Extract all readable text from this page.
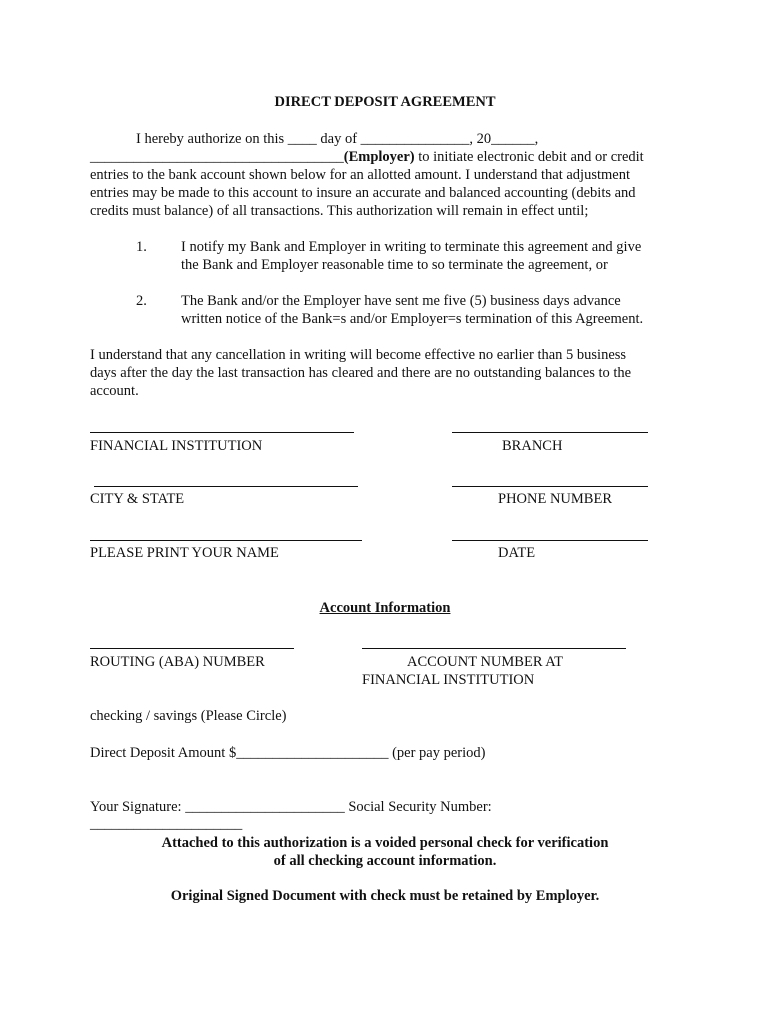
DIRECT DEPOSIT AGREEMENT
I hereby authorize on this ____ day of _______________, 20______,
___________________________________(Employer) to initiate electronic debit and or credit
entries to the bank account shown below for an allotted amount. I understand that adjustment
entries may be made to this account to insure an accurate and balanced accounting (debits and
credits must balance) of all transactions. This authorization will remain in effect until;
1.	I notify my Bank and Employer in writing to terminate this agreement and give
the Bank and Employer reasonable time to so terminate the agreement, or
2.	The Bank and/or the Employer have sent me five (5) business days advance
written notice of the Bank=s and/or Employer=s termination of this Agreement.
I understand that any cancellation in writing will become effective no earlier than 5 business
days after the day the last transaction has cleared and there are no outstanding balances to the
account.
FINANCIAL INSTITUTION	BRANCH
CITY & STATE	PHONE NUMBER
PLEASE PRINT YOUR NAME	DATE
Account Information
ROUTING (ABA) NUMBER	ACCOUNT NUMBER AT
FINANCIAL INSTITUTION
checking / savings (Please Circle)
Direct Deposit Amount $_____________________ (per pay period)
Your Signature: ______________________ Social Security Number:
_____________________
Attached to this authorization is a voided personal check for verification
of all checking account information.
Original Signed Document with check must be retained by Employer.
